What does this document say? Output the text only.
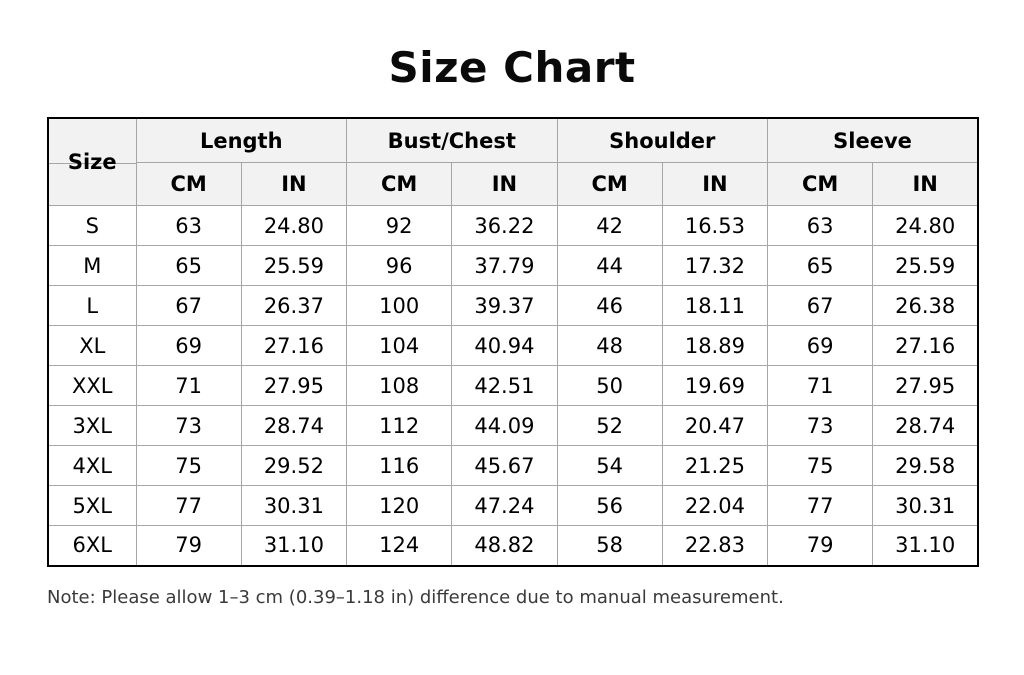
Size Chart
Size	Length		Bust/Chest		Shoulder		Sleeve	
	CM	IN	CM	IN	CM	IN	CM	IN
S	63	24.80	92	36.22	42	16.53	63	24.80
M	65	25.59	96	37.79	44	17.32	65	25.59
L	67	26.37	100	39.37	46	18.11	67	26.38
XL	69	27.16	104	40.94	48	18.89	69	27.16
XXL	71	27.95	108	42.51	50	19.69	71	27.95
3XL	73	28.74	112	44.09	52	20.47	73	28.74
4XL	75	29.52	116	45.67	54	21.25	75	29.58
5XL	77	30.31	120	47.24	56	22.04	77	30.31
6XL	79	31.10	124	48.82	58	22.83	79	31.10
Note: Please allow 1–3 cm (0.39–1.18 in) difference due to manual measurement.
